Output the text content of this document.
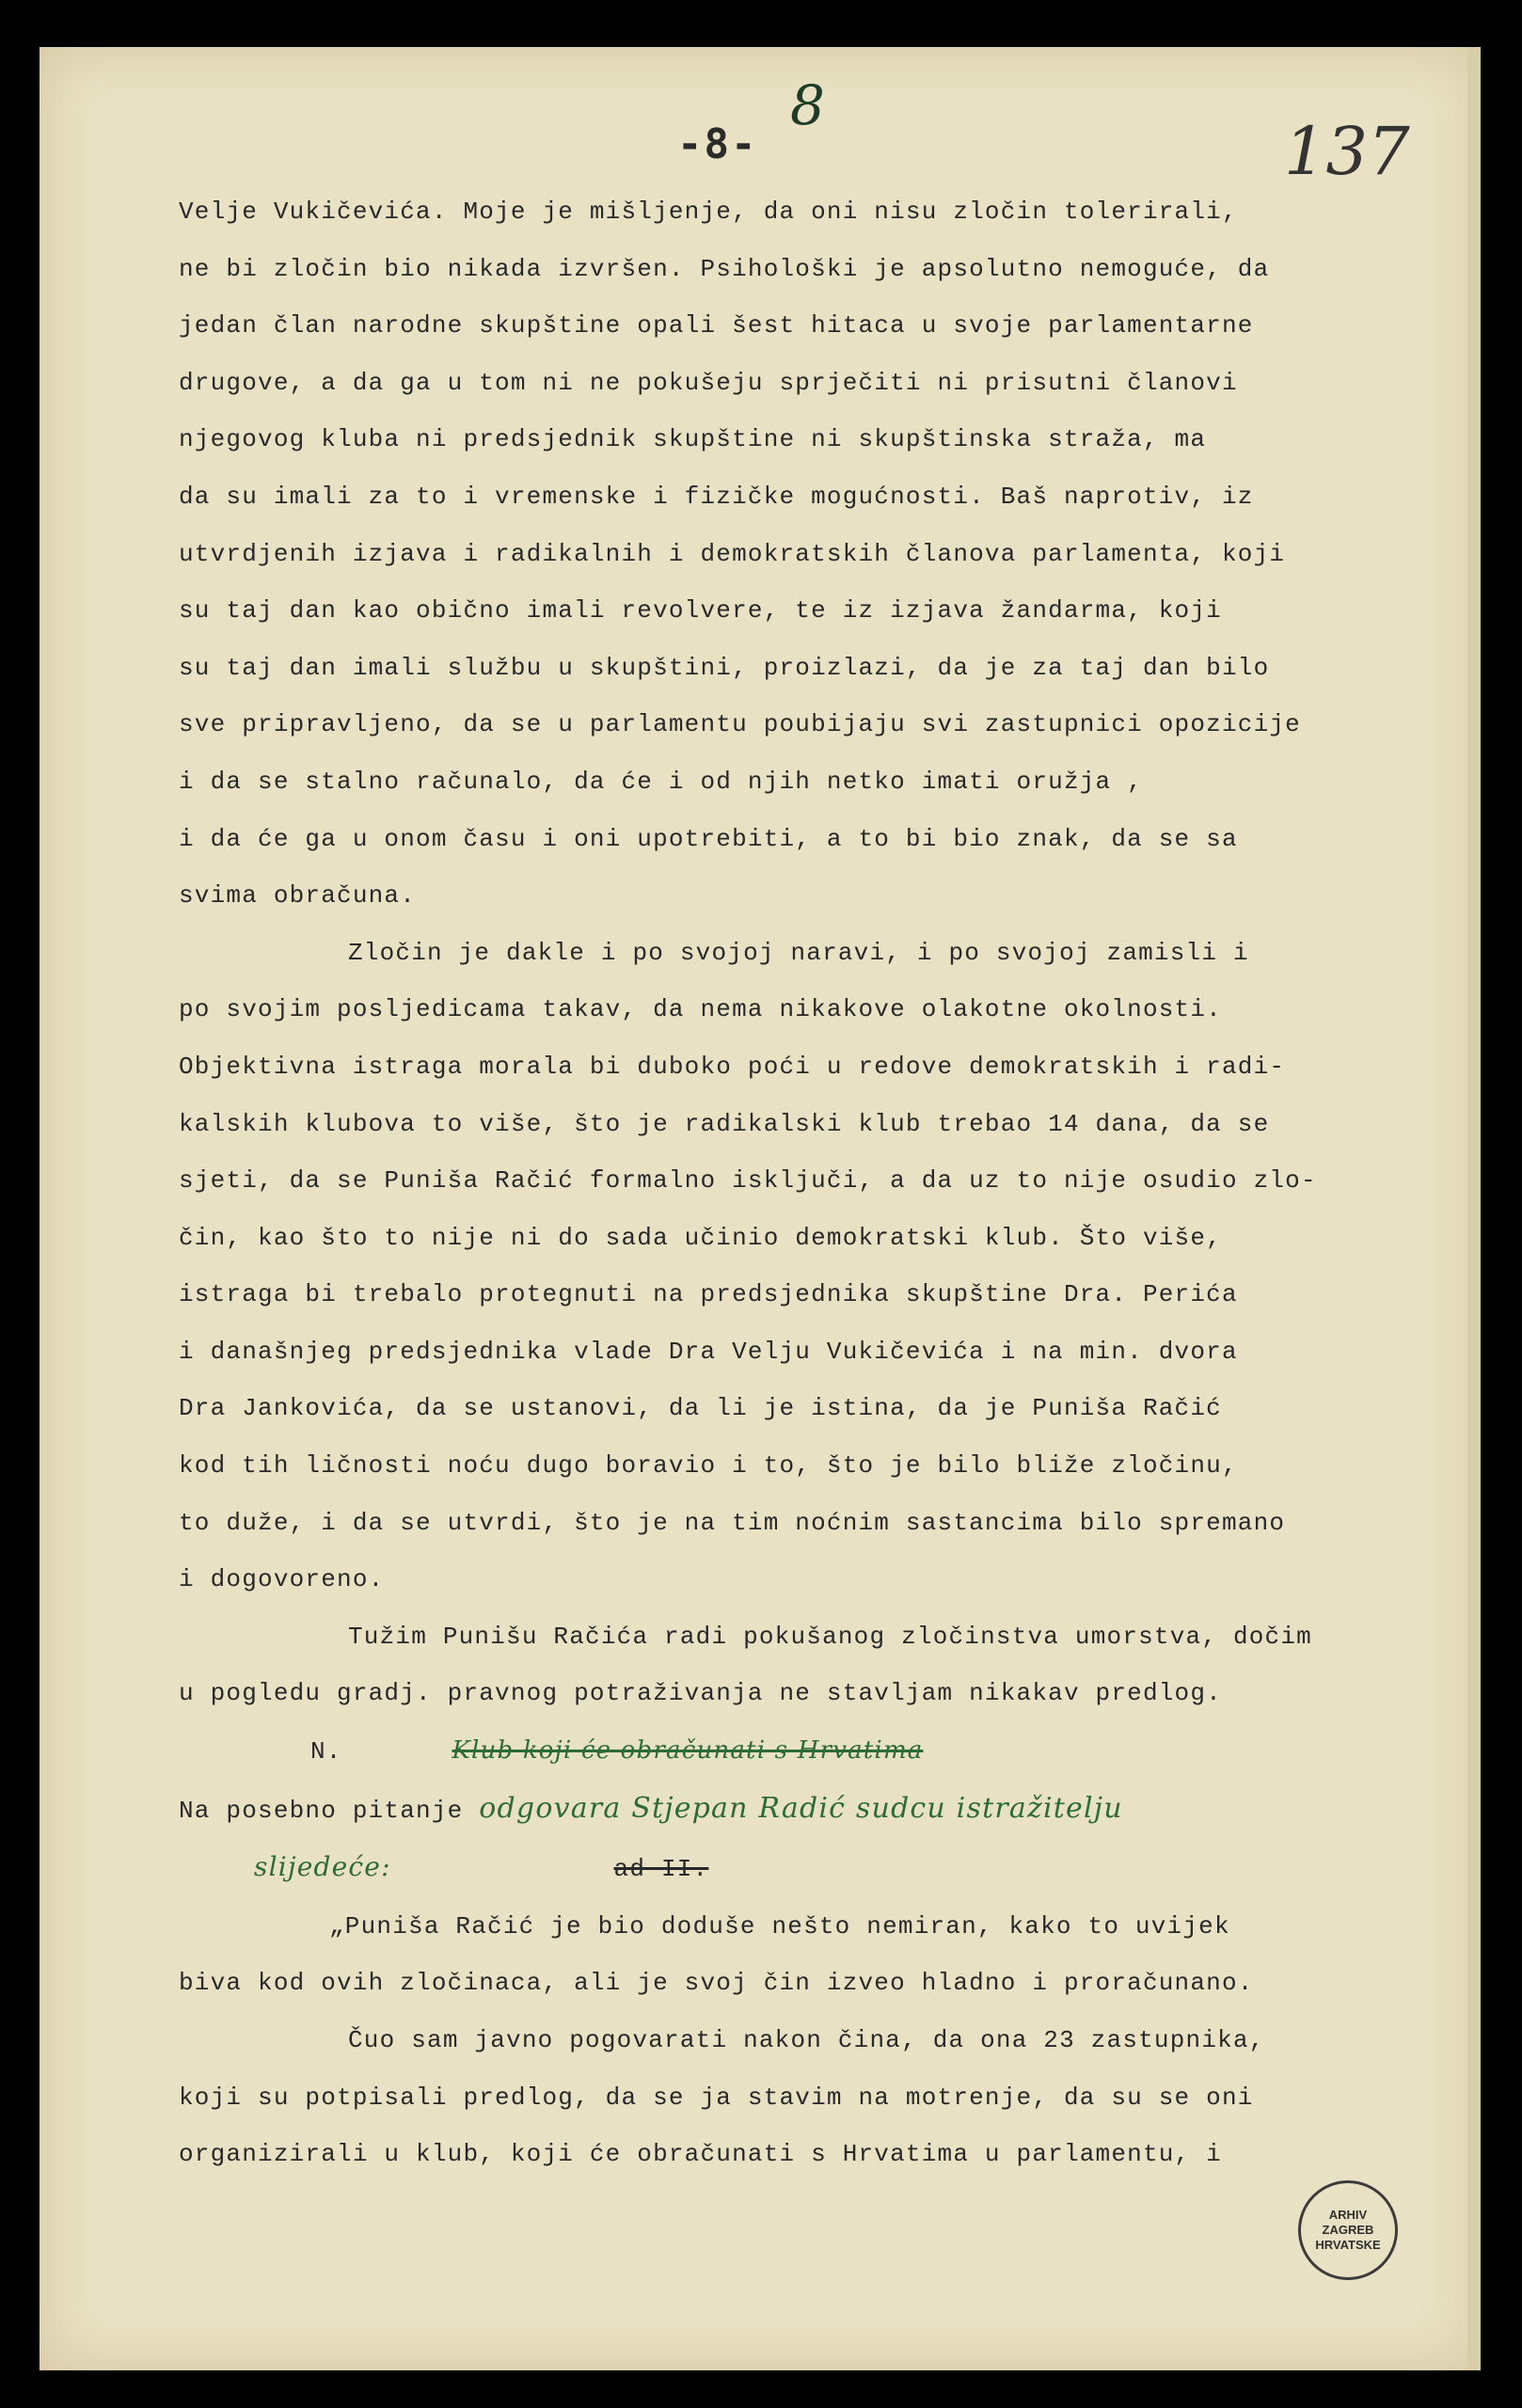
8
-8-	137
Velje Vukičevića. Moje je mišljenje, da oni nisu zločin tolerirali,
ne bi zločin bio nikada izvršen. Psihološki je apsolutno nemoguće, da
jedan član narodne skupštine opali šest hitaca u svoje parlamentarne
drugove, a da ga u tom ni ne pokušeju sprječiti ni prisutni članovi
njegovog kluba ni predsjednik skupštine ni skupštinska straža, ma
da su imali za to i vremenske i fizičke mogućnosti. Baš naprotiv, iz
utvrdjenih izjava i radikalnih i demokratskih članova parlamenta, koji
su taj dan kao obično imali revolvere, te iz izjava žandarma, koji
su taj dan imali službu u skupštini, proizlazi, da je za taj dan bilo
sve pripravljeno, da se u parlamentu poubijaju svi zastupnici opozicije
i da se stalno računalo, da će i od njih netko imati oružja ,
i da će ga u onom času i oni upotrebiti, a to bi bio znak, da se sa
svima obračuna.
Zločin je dakle i po svojoj naravi, i po svojoj zamisli i
po svojim posljedicama takav, da nema nikakove olakotne okolnosti.
Objektivna istraga morala bi duboko poći u redove demokratskih i radi-
kalskih klubova to više, što je radikalski klub trebao 14 dana, da se
sjeti, da se Puniša Račić formalno isključi, a da uz to nije osudio zlo-
čin, kao što to nije ni do sada učinio demokratski klub. Što više,
istraga bi trebalo protegnuti na predsjednika skupštine Dra. Perića
i današnjeg predsjednika vlade Dra Velju Vukičevića i na min. dvora
Dra Jankovića, da se ustanovi, da li je istina, da je Puniša Račić
kod tih ličnosti noću dugo boravio i to, što je bilo bliže zločinu,
to duže, i da se utvrdi, što je na tim noćnim sastancima bilo spremano
i dogovoreno.
Tužim Punišu Račića radi pokušanog zločinstva umorstva, dočim
u pogledu gradj. pravnog potraživanja ne stavljam nikakav predlog.
N.	Klub koji će obračunati s Hrvatima
Na posebno pitanje odgovara Stjepan Radić sudcu istražitelju
slijedeće:	ad II.
„Puniša Račić je bio doduše nešto nemiran, kako to uvijek
biva kod ovih zločinaca, ali je svoj čin izveo hladno i proračunano.
Čuo sam javno pogovarati nakon čina, da ona 23 zastupnika,
koji su potpisali predlog, da se ja stavim na motrenje, da su se oni
organizirali u klub, koji će obračunati s Hrvatima u parlamentu, i
ARHIV
ZAGREB
HRVATSKE
